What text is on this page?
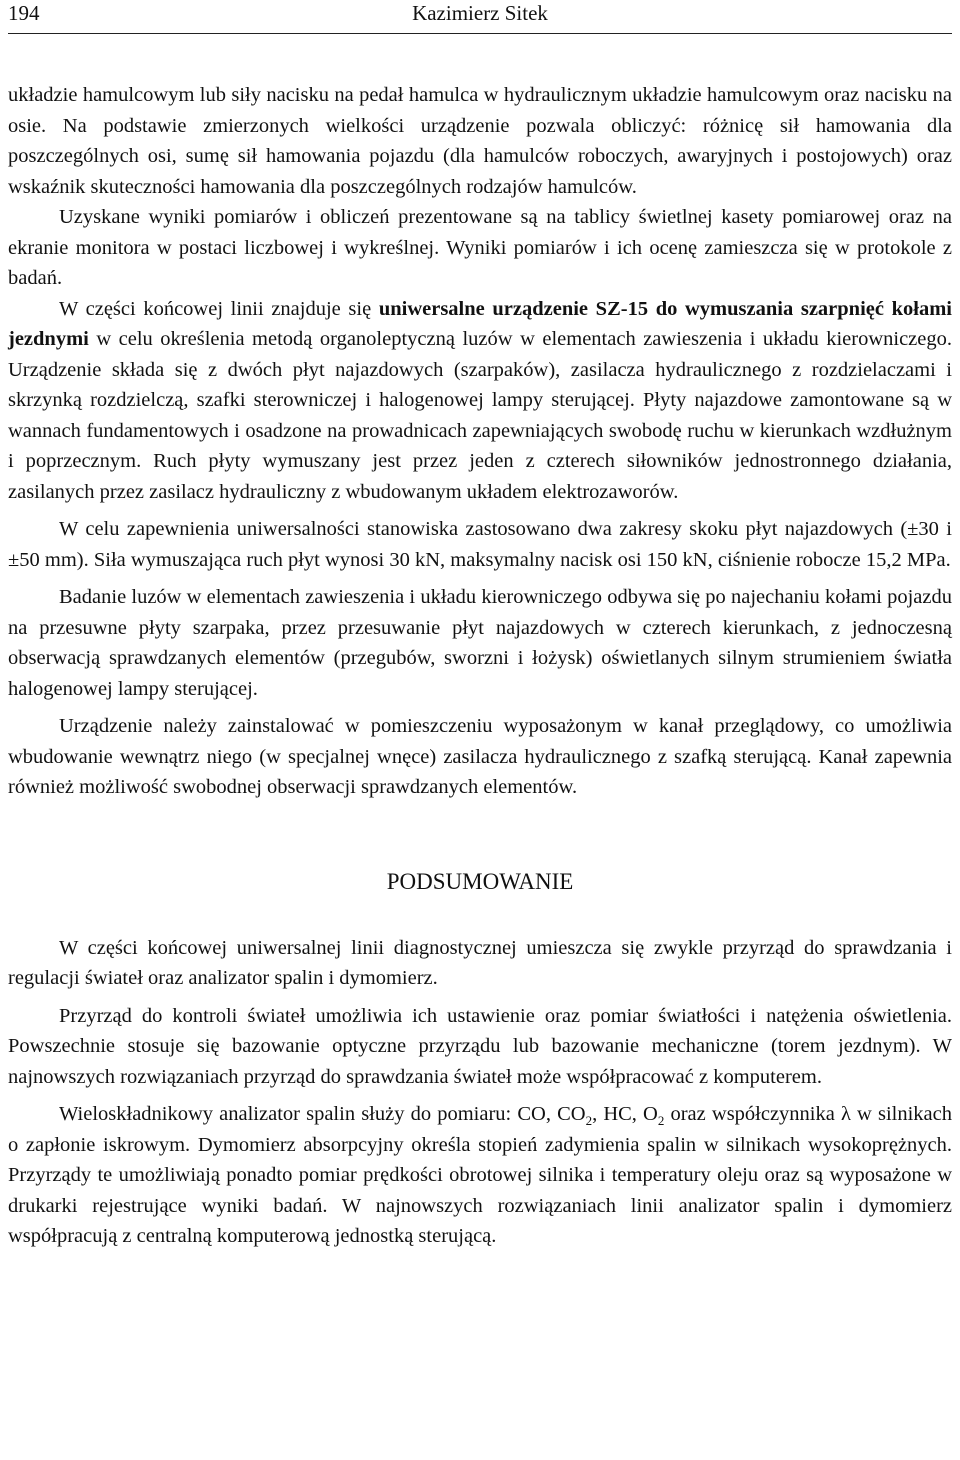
194	Kazimierz Sitek

układzie hamulcowym lub siły nacisku na pedał hamulca w hydraulicznym układzie hamulcowym oraz nacisku na osie. Na podstawie zmierzonych wielkości urządzenie pozwala obliczyć: różnicę sił hamowania dla poszczególnych osi, sumę sił hamowania pojazdu (dla hamulców roboczych, awaryjnych i postojowych) oraz wskaźnik skuteczności hamowania dla poszczególnych rodzajów hamulców.

Uzyskane wyniki pomiarów i obliczeń prezentowane są na tablicy świetlnej kasety pomiarowej oraz na ekranie monitora w postaci liczbowej i wykreślnej. Wyniki pomiarów i ich ocenę zamieszcza się w protokole z badań.

W części końcowej linii znajduje się uniwersalne urządzenie SZ-15 do wymuszania szarpnięć kołami jezdnymi w celu określenia metodą organoleptyczną luzów w elementach zawieszenia i układu kierowniczego. Urządzenie składa się z dwóch płyt najazdowych (szarpaków), zasilacza hydraulicznego z rozdzielaczami i skrzynką rozdzielczą, szafki sterowniczej i halogenowej lampy sterującej. Płyty najazdowe zamontowane są w wannach fundamentowych i osadzone na prowadnicach zapewniających swobodę ruchu w kierunkach wzdłużnym i poprzecznym. Ruch płyty wymuszany jest przez jeden z czterech siłowników jednostronnego działania, zasilanych przez zasilacz hydrauliczny z wbudowanym układem elektrozaworów.

W celu zapewnienia uniwersalności stanowiska zastosowano dwa zakresy skoku płyt najazdowych (±30 i ±50 mm). Siła wymuszająca ruch płyt wynosi 30 kN, maksymalny nacisk osi 150 kN, ciśnienie robocze 15,2 MPa.

Badanie luzów w elementach zawieszenia i układu kierowniczego odbywa się po najechaniu kołami pojazdu na przesuwne płyty szarpaka, przez przesuwanie płyt najazdowych w czterech kierunkach, z jednoczesną obserwacją sprawdzanych elementów (przegubów, sworzni i łożysk) oświetlanych silnym strumieniem światła halogenowej lampy sterującej.

Urządzenie należy zainstalować w pomieszczeniu wyposażonym w kanał przeglądowy, co umożliwia wbudowanie wewnątrz niego (w specjalnej wnęce) zasilacza hydraulicznego z szafką sterującą. Kanał zapewnia również możliwość swobodnej obserwacji sprawdzanych elementów.

PODSUMOWANIE

W części końcowej uniwersalnej linii diagnostycznej umieszcza się zwykle przyrząd do sprawdzania i regulacji świateł oraz analizator spalin i dymomierz.

Przyrząd do kontroli świateł umożliwia ich ustawienie oraz pomiar światłości i natężenia oświetlenia. Powszechnie stosuje się bazowanie optyczne przyrządu lub bazowanie mechaniczne (torem jezdnym). W najnowszych rozwiązaniach przyrząd do sprawdzania świateł może współpracować z komputerem.

Wieloskładnikowy analizator spalin służy do pomiaru: CO, $CO_2$, HC, $O_2$ oraz współczynnika λ w silnikach o zapłonie iskrowym. Dymomierz absorpcyjny określa stopień zadymienia spalin w silnikach wysokoprężnych. Przyrządy te umożliwiają ponadto pomiar prędkości obrotowej silnika i temperatury oleju oraz są wyposażone w drukarki rejestrujące wyniki badań. W najnowszych rozwiązaniach linii analizator spalin i dymomierz współpracują z centralną komputerową jednostką sterującą.
